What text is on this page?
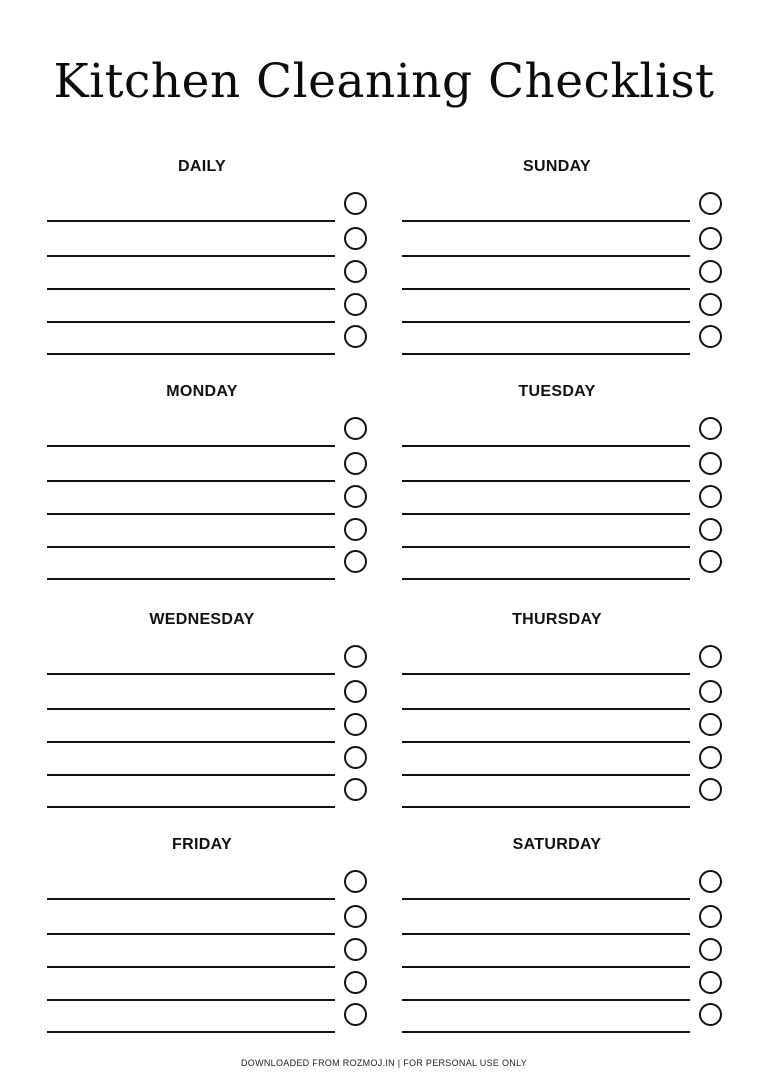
Kitchen Cleaning Checklist
DAILY	SUNDAY
MONDAY	TUESDAY
WEDNESDAY	THURSDAY
FRIDAY	SATURDAY
DOWNLOADED FROM ROZMOJ.IN | FOR PERSONAL USE ONLY
